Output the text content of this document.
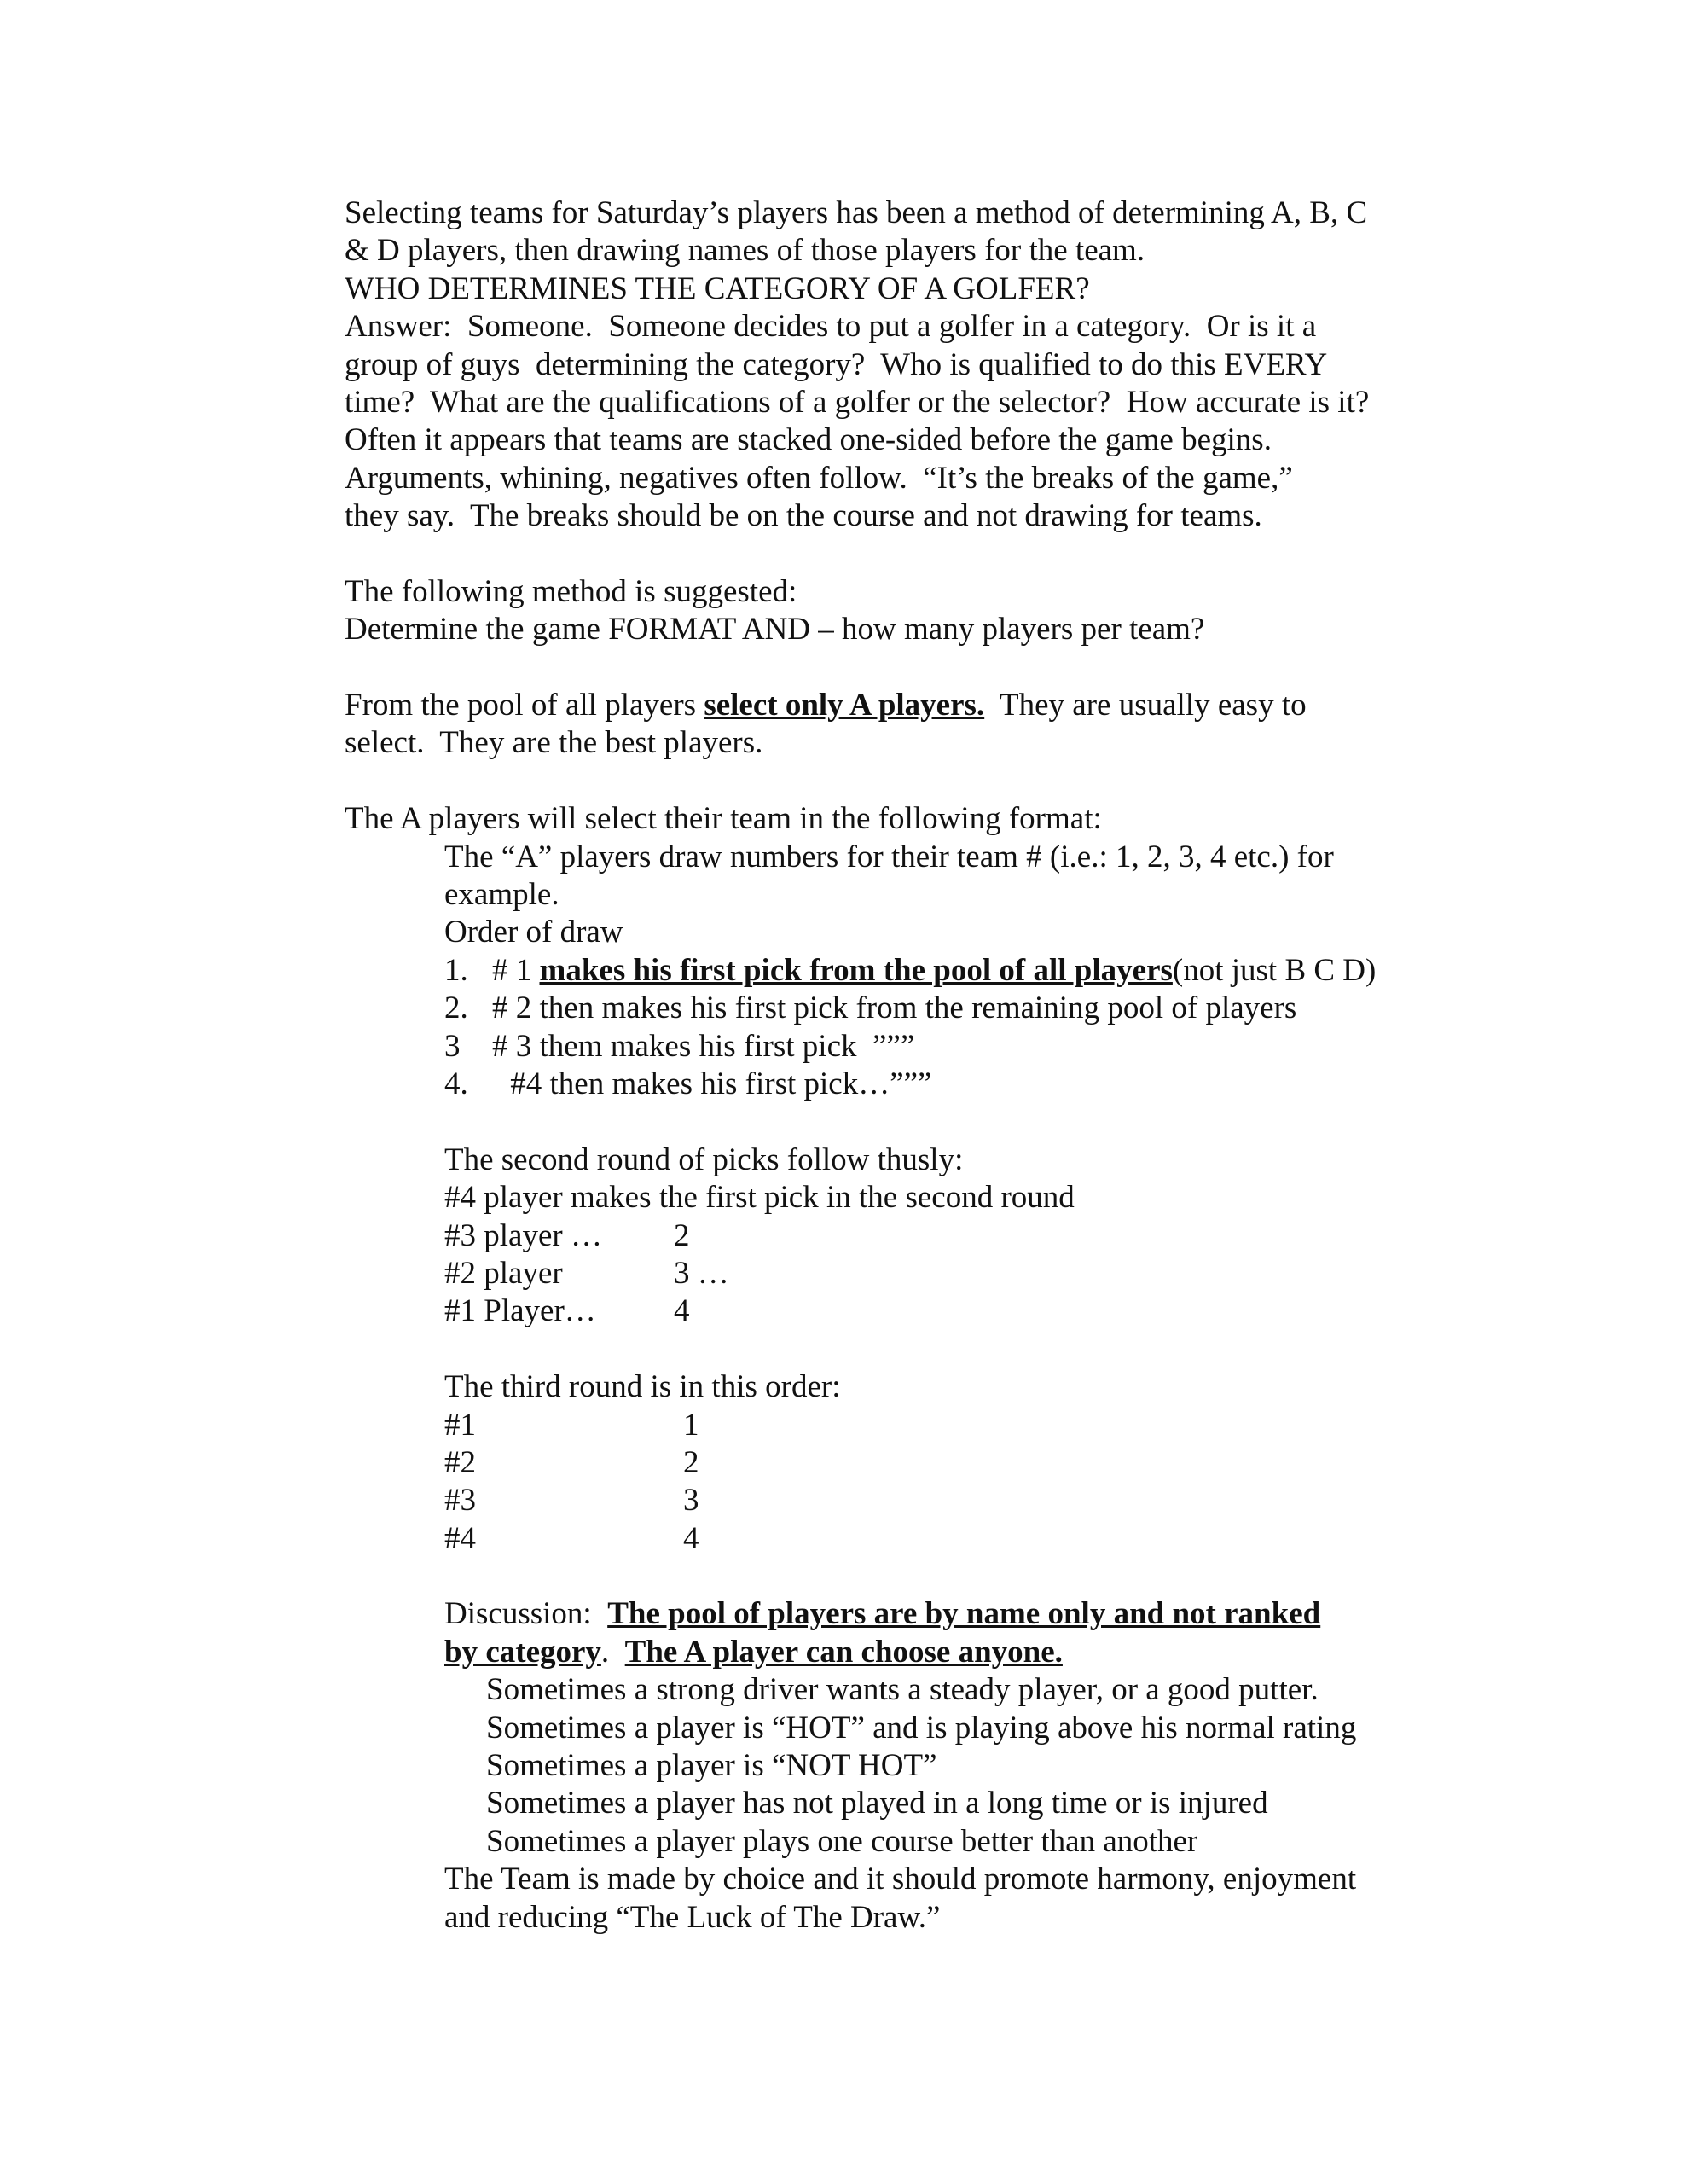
Selecting teams for Saturday’s players has been a method of determining A, B, C
& D players, then drawing names of those players for the team.
WHO DETERMINES THE CATEGORY OF A GOLFER?
Answer:  Someone.  Someone decides to put a golfer in a category.  Or is it a
group of guys  determining the category?  Who is qualified to do this EVERY
time?  What are the qualifications of a golfer or the selector?  How accurate is it?
Often it appears that teams are stacked one-sided before the game begins.
Arguments, whining, negatives often follow.  “It’s the breaks of the game,”
they say.  The breaks should be on the course and not drawing for teams.
The following method is suggested:
Determine the game FORMAT AND – how many players per team?
From the pool of all players select only A players.  They are usually easy to
select.  They are the best players.
The A players will select their team in the following format:
The “A” players draw numbers for their team # (i.e.: 1, 2, 3, 4 etc.) for
example.
Order of draw
1. # 1 makes his first pick from the pool of all players(not just B C D)
2. # 2 then makes his first pick from the remaining pool of players
3 # 3 them makes his first pick  ”””
4. #4 then makes his first pick…”””
The second round of picks follow thusly:
#4 player makes the first pick in the second round
#3 player … 2
#2 player	3 …
#1 Player… 4
The third round is in this order:
#1	1
#2	2
#3	3
#4	4
Discussion:  The pool of players are by name only and not ranked
by category.  The A player can choose anyone.
Sometimes a strong driver wants a steady player, or a good putter.
Sometimes a player is “HOT” and is playing above his normal rating
Sometimes a player is “NOT HOT”
Sometimes a player has not played in a long time or is injured
Sometimes a player plays one course better than another
The Team is made by choice and it should promote harmony, enjoyment
and reducing “The Luck of The Draw.”
